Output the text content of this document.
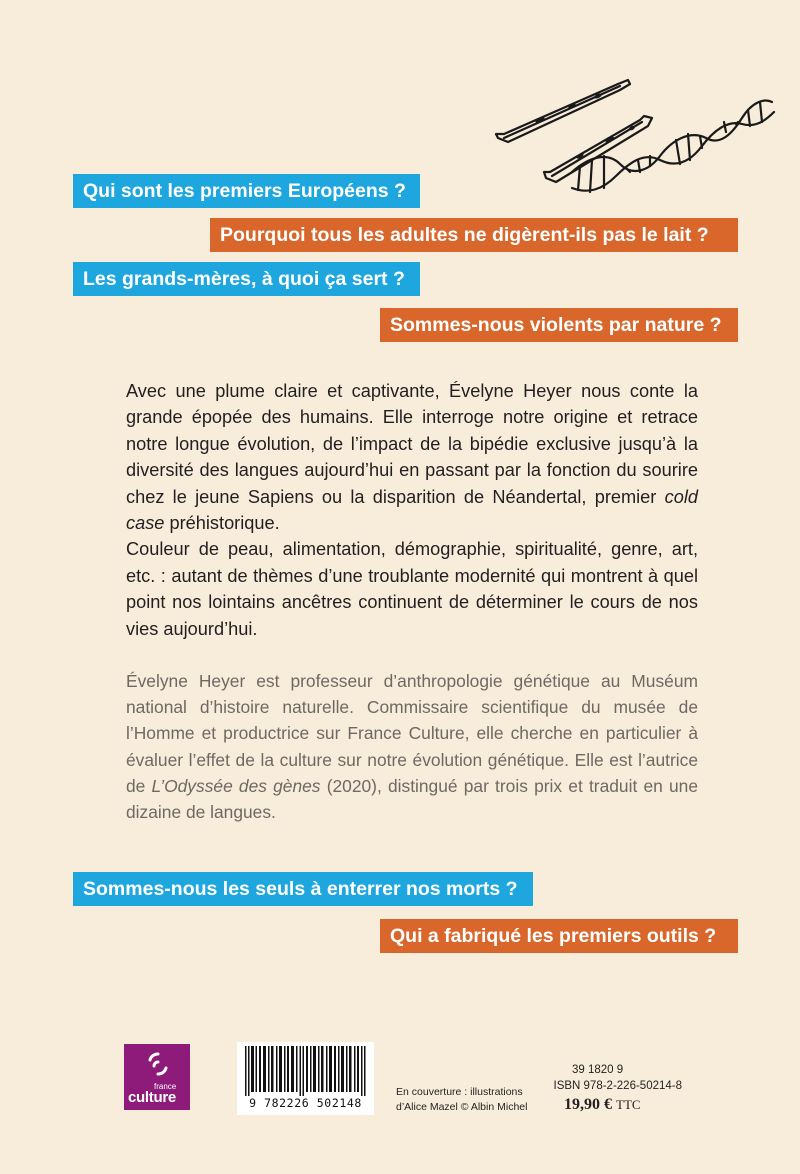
Qui sont les premiers Européens ?
Pourquoi tous les adultes ne digèrent-ils pas le lait ?
Les grands-mères, à quoi ça sert ?
Sommes-nous violents par nature ?

Avec une plume claire et captivante, Évelyne Heyer nous conte la grande épopée des humains. Elle interroge notre origine et retrace notre longue évolution, de l’impact de la bipédie exclusive jusqu’à la diversité des langues aujourd’hui en passant par la fonction du sourire chez le jeune Sapiens ou la disparition de Néandertal, premier cold case préhistorique.

Couleur de peau, alimentation, démographie, spiritualité, genre, art, etc. : autant de thèmes d’une troublante modernité qui montrent à quel point nos lointains ancêtres continuent de déterminer le cours de nos vies aujourd’hui.

Évelyne Heyer est professeur d’anthropologie génétique au Muséum national d’histoire naturelle. Commissaire scientifique du musée de l’Homme et productrice sur France Culture, elle cherche en particulier à évaluer l’effet de la culture sur notre évolution génétique. Elle est l’autrice de L’Odyssée des gènes (2020), distingué par trois prix et traduit en une dizaine de langues.

Sommes-nous les seuls à enterrer nos morts ?
Qui a fabriqué les premiers outils ?
france
culture	9 782226 502148
En couverture : illustrations
d’Alice Mazel © Albin Michel
39 1820 9
ISBN 978-2-226-50214-8
19,90 € TTC
